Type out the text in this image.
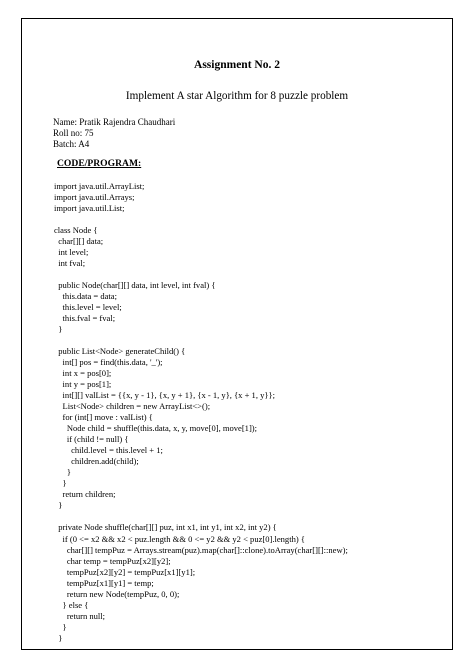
Assignment No. 2
Implement A star Algorithm for 8 puzzle problem
Name: Pratik Rajendra Chaudhari
Roll no: 75
Batch: A4
CODE/PROGRAM:
import java.util.ArrayList;
import java.util.Arrays;
import java.util.List;
class Node {
char[][] data;
int level;
int fval;
public Node(char[][] data, int level, int fval) {
this.data = data;
this.level = level;
this.fval = fval;
}
public List<Node> generateChild() {
int[] pos = find(this.data, '_');
int x = pos[0];
int y = pos[1];
int[][] valList = {{x, y - 1}, {x, y + 1}, {x - 1, y}, {x + 1, y}};
List<Node> children = new ArrayList<>();
for (int[] move : valList) {
Node child = shuffle(this.data, x, y, move[0], move[1]);
if (child != null) {
child.level = this.level + 1;
children.add(child);
}
}
return children;
}
private Node shuffle(char[][] puz, int x1, int y1, int x2, int y2) {
if (0 <= x2 && x2 < puz.length && 0 <= y2 && y2 < puz[0].length) {
char[][] tempPuz = Arrays.stream(puz).map(char[]::clone).toArray(char[][]::new);
char temp = tempPuz[x2][y2];
tempPuz[x2][y2] = tempPuz[x1][y1];
tempPuz[x1][y1] = temp;
return new Node(tempPuz, 0, 0);
} else {
return null;
}
}
